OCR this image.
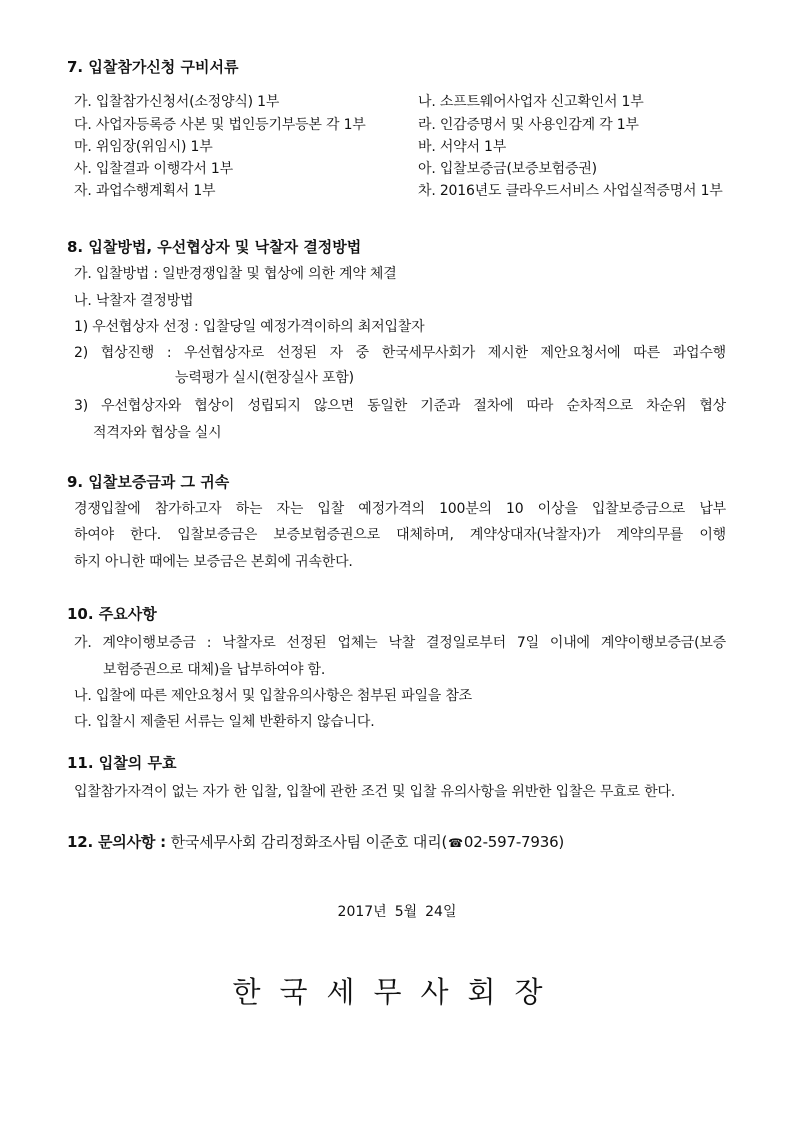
7. 입찰참가신청 구비서류
가. 입찰참가신청서(소정양식) 1부
다. 사업자등록증 사본 및 법인등기부등본 각 1부
마. 위임장(위임시) 1부
사. 입찰결과 이행각서 1부
자. 과업수행계획서 1부
나. 소프트웨어사업자 신고확인서 1부
라. 인감증명서 및 사용인감계 각 1부
바. 서약서 1부
아. 입찰보증금(보증보험증권)
차. 2016년도 클라우드서비스 사업실적증명서 1부
8. 입찰방법, 우선협상자 및 낙찰자 결정방법
가. 입찰방법 : 일반경쟁입찰 및 협상에 의한 계약 체결
나. 낙찰자 결정방법
1) 우선협상자 선정 : 입찰당일 예정가격이하의 최저입찰자
2) 협상진행 : 우선협상자로 선정된 자 중 한국세무사회가 제시한 제안요청서에 따른 과업수행
능력평가 실시(현장실사 포함)
3) 우선협상자와 협상이 성립되지 않으면 동일한 기준과 절차에 따라 순차적으로 차순위 협상
적격자와 협상을 실시
9. 입찰보증금과 그 귀속
경쟁입찰에 참가하고자 하는 자는 입찰 예정가격의 100분의 10 이상을 입찰보증금으로 납부
하여야 한다. 입찰보증금은 보증보험증권으로 대체하며, 계약상대자(낙찰자)가 계약의무를 이행
하지 아니한 때에는 보증금은 본회에 귀속한다.
10. 주요사항
가. 계약이행보증금 : 낙찰자로 선정된 업체는 낙찰 결정일로부터 7일 이내에 계약이행보증금(보증
보험증권으로 대체)을 납부하여야 함.
나. 입찰에 따른 제안요청서 및 입찰유의사항은 첨부된 파일을 참조
다. 입찰시 제출된 서류는 일체 반환하지 않습니다.
11. 입찰의 무효
입찰참가자격이 없는 자가 한 입찰, 입찰에 관한 조건 및 입찰 유의사항을 위반한 입찰은 무효로 한다.
12. 문의사항 : 한국세무사회 감리정화조사팀 이준호 대리(☎02-597-7936)
2017년 5월 24일
한국세무사회장
